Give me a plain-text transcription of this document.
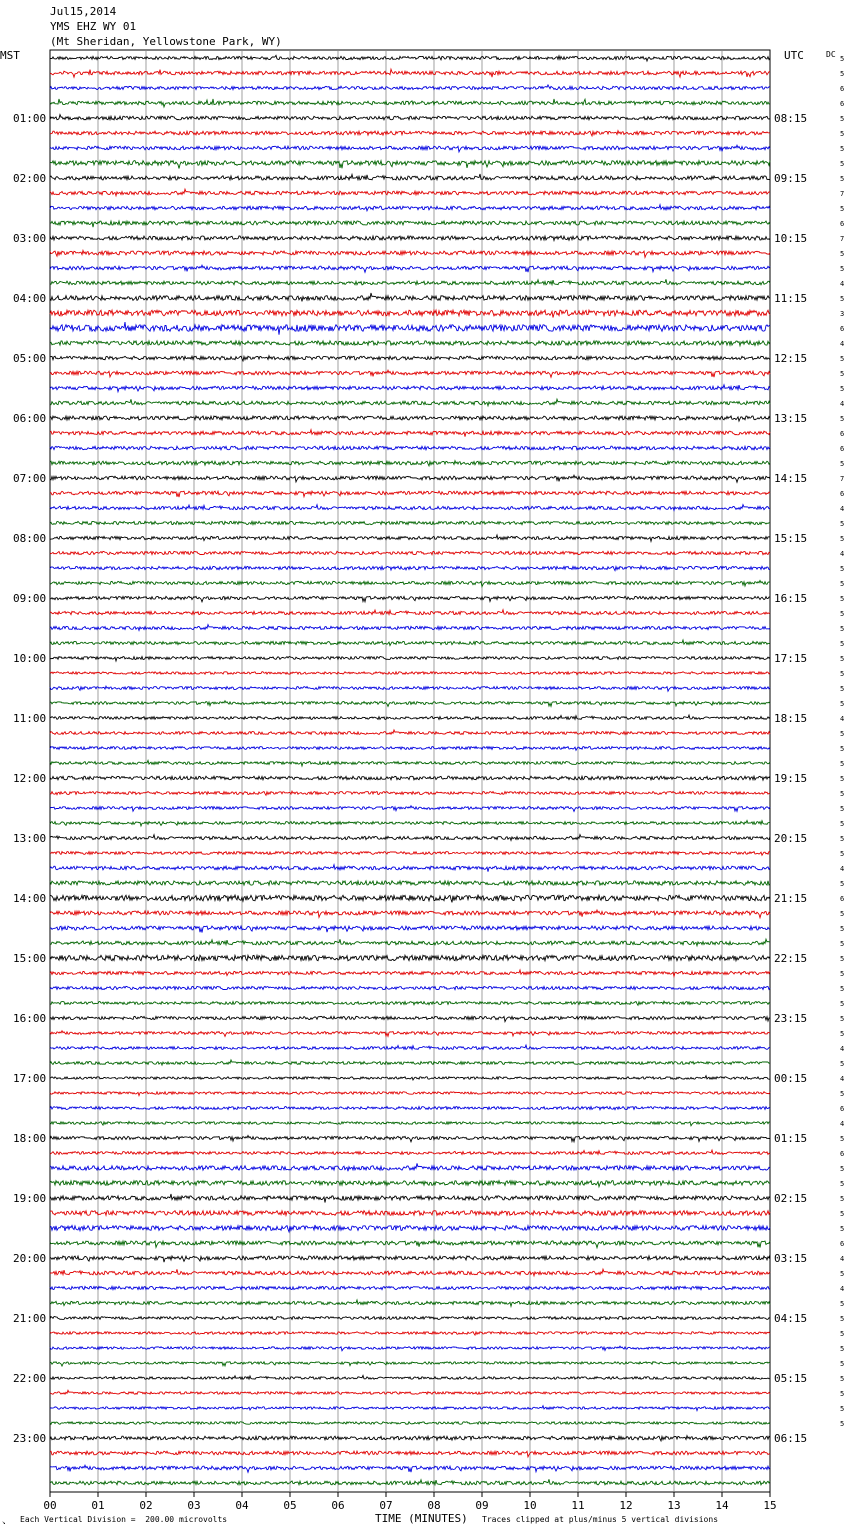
Jul15,2014
YMS EHZ WY 01
(Mt Sheridan, Yellowstone Park, WY)
MST	UTC	DC 5
5
6
6
5
5
5
5
5
7
5
6
7
5
5
4
5
3
6
4
5
5
5
4
5
6
6
5
7
6
4
5
5
4
5
5
5
5
5
5
5
5
5
5
4
5
5
5
5
5
5
5
5
5
4
5
6
5
5
5
5
5
5
5
5
5
4
5
4
5
6
4
5
6
5
5
5
5
5
6
4
5
4
5
5
5
5
5
5
5
5
5
01:00
02:00
03:00
04:00
05:00
06:00
07:00
08:00
09:00
10:00
11:00
12:00
13:00
14:00
15:00
16:00
17:00
18:00
19:00
20:00
21:00
22:00
23:00
08:15
09:15
10:15
11:15
12:15
13:15
14:15
15:15
16:15
17:15
18:15
19:15
20:15
21:15
22:15
23:15
00:15
01:15
02:15
03:15
04:15
05:15
06:15
00	01	02	03	04	05	06	07	08	09	10	11	12	13	14	15
TIME (MINUTES)
↘ Each Vertical Division =  200.00 microvolts	Traces clipped at plus/minus 5 vertical divisions
